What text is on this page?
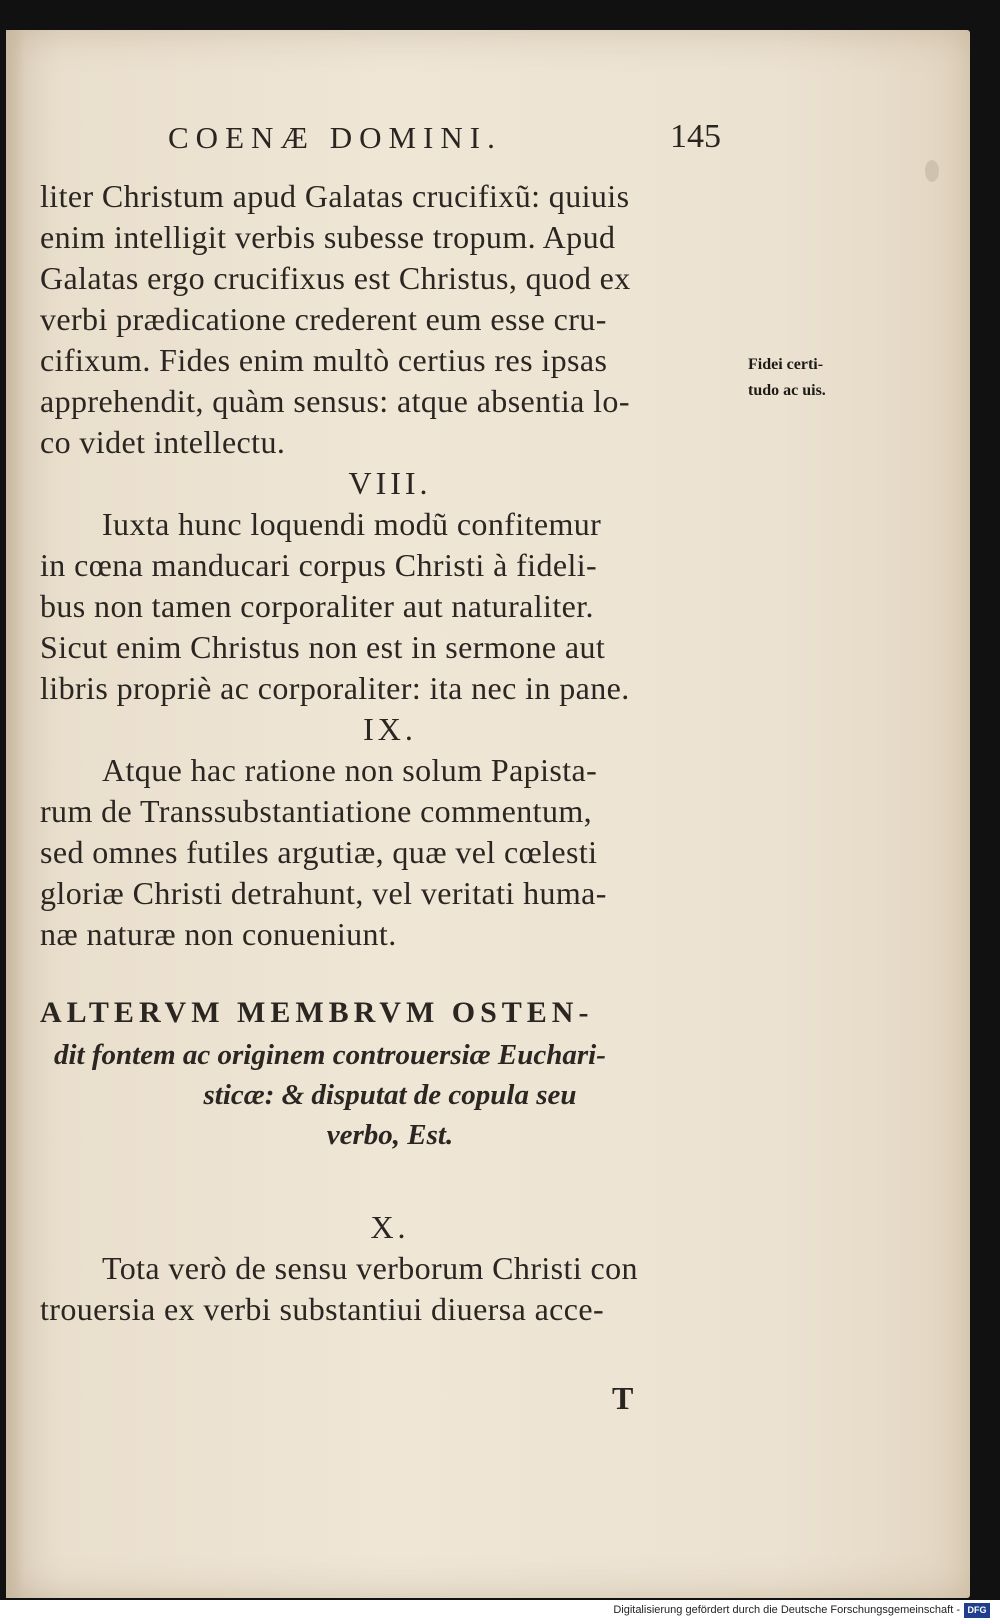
COENÆ DOMINI.	145
Fidei certi-
tudo ac uis.
liter Christum apud Galatas crucifixũ: quiuis
enim intelligit verbis subesse tropum. Apud
Galatas ergo crucifixus est Christus, quod ex
verbi prædicatione crederent eum esse cru-
cifixum. Fides enim multò certius res ipsas
apprehendit, quàm sensus: atque absentia lo-
co videt intellectu.
VIII.
Iuxta hunc loquendi modũ confitemur
in cœna manducari corpus Christi à fideli-
bus non tamen corporaliter aut naturaliter.
Sicut enim Christus non est in sermone aut
libris propriè ac corporaliter: ita nec in pane.
IX.
Atque hac ratione non solum Papista-
rum de Transsubstantiatione commentum,
sed omnes futiles argutiæ, quæ vel cœlesti
gloriæ Christi detrahunt, vel veritati huma-
næ naturæ non conueniunt.
ALTERVM MEMBRVM OSTEN-
dit fontem ac originem controuersiæ Euchari-
sticæ: & disputat de copula seu
verbo, Est.
X.
Tota verò de sensu verborum Christi con
trouersia ex verbi substantiui diuersa acce-
T
Digitalisierung gefördert durch die Deutsche Forschungsgemeinschaft - DFG
